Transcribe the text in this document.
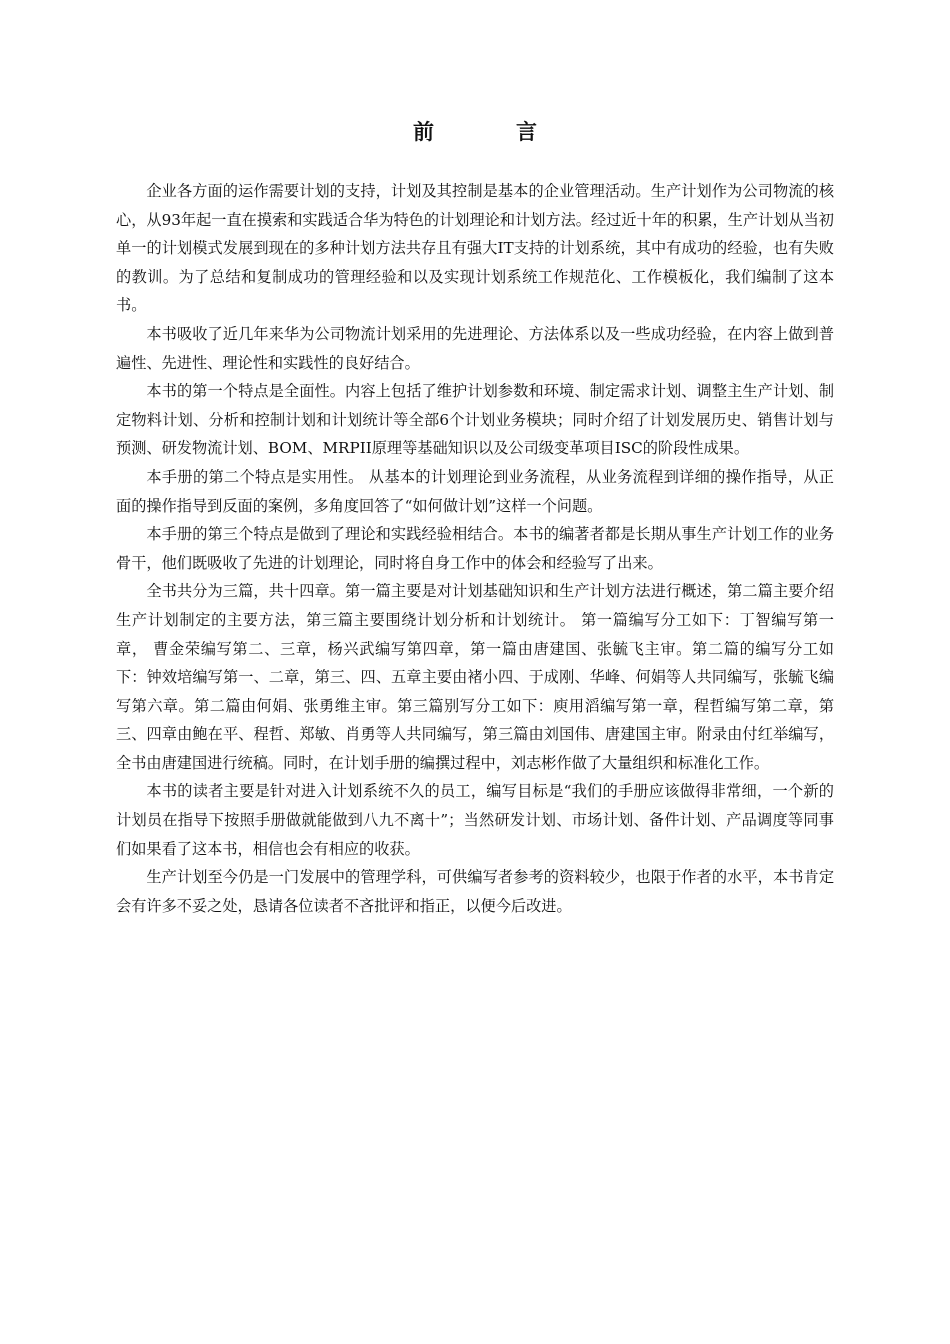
前	言

企业各方面的运作需要计划的支持，计划及其控制是基本的企业管理活动。生产计划作为公司物流的核心，从93年起一直在摸索和实践适合华为特色的计划理论和计划方法。经过近十年的积累，生产计划从当初单一的计划模式发展到现在的多种计划方法共存且有强大IT支持的计划系统，其中有成功的经验，也有失败的教训。为了总结和复制成功的管理经验和以及实现计划系统工作规范化、工作模板化，我们编制了这本书。

本书吸收了近几年来华为公司物流计划采用的先进理论、方法体系以及一些成功经验，在内容上做到普遍性、先进性、理论性和实践性的良好结合。

本书的第一个特点是全面性。内容上包括了维护计划参数和环境、制定需求计划、调整主生产计划、制定物料计划、分析和控制计划和计划统计等全部6个计划业务模块；同时介绍了计划发展历史、销售计划与预测、研发物流计划、BOM、MRPII原理等基础知识以及公司级变革项目ISC的阶段性成果。

本手册的第二个特点是实用性。 从基本的计划理论到业务流程，从业务流程到详细的操作指导，从正面的操作指导到反面的案例，多角度回答了“如何做计划”这样一个问题。

本手册的第三个特点是做到了理论和实践经验相结合。本书的编著者都是长期从事生产计划工作的业务骨干，他们既吸收了先进的计划理论，同时将自身工作中的体会和经验写了出来。

全书共分为三篇，共十四章。第一篇主要是对计划基础知识和生产计划方法进行概述，第二篇主要介绍生产计划制定的主要方法，第三篇主要围绕计划分析和计划统计。 第一篇编写分工如下：丁智编写第一章， 曹金荣编写第二、三章，杨兴武编写第四章，第一篇由唐建国、张毓飞主审。第二篇的编写分工如下：钟效培编写第一、二章，第三、四、五章主要由褚小四、于成刚、华峰、何娟等人共同编写，张毓飞编写第六章。第二篇由何娟、张勇维主审。第三篇别写分工如下：庾用滔编写第一章，程哲编写第二章，第三、四章由鲍在平、程哲、郑敏、肖勇等人共同编写，第三篇由刘国伟、唐建国主审。附录由付红举编写，全书由唐建国进行统稿。同时，在计划手册的编撰过程中，刘志彬作做了大量组织和标准化工作。

本书的读者主要是针对进入计划系统不久的员工，编写目标是“我们的手册应该做得非常细，一个新的计划员在指导下按照手册做就能做到八九不离十”；当然研发计划、市场计划、备件计划、产品调度等同事们如果看了这本书，相信也会有相应的收获。

生产计划至今仍是一门发展中的管理学科，可供编写者参考的资料较少，也限于作者的水平，本书肯定会有许多不妥之处，恳请各位读者不吝批评和指正，以便今后改进。
